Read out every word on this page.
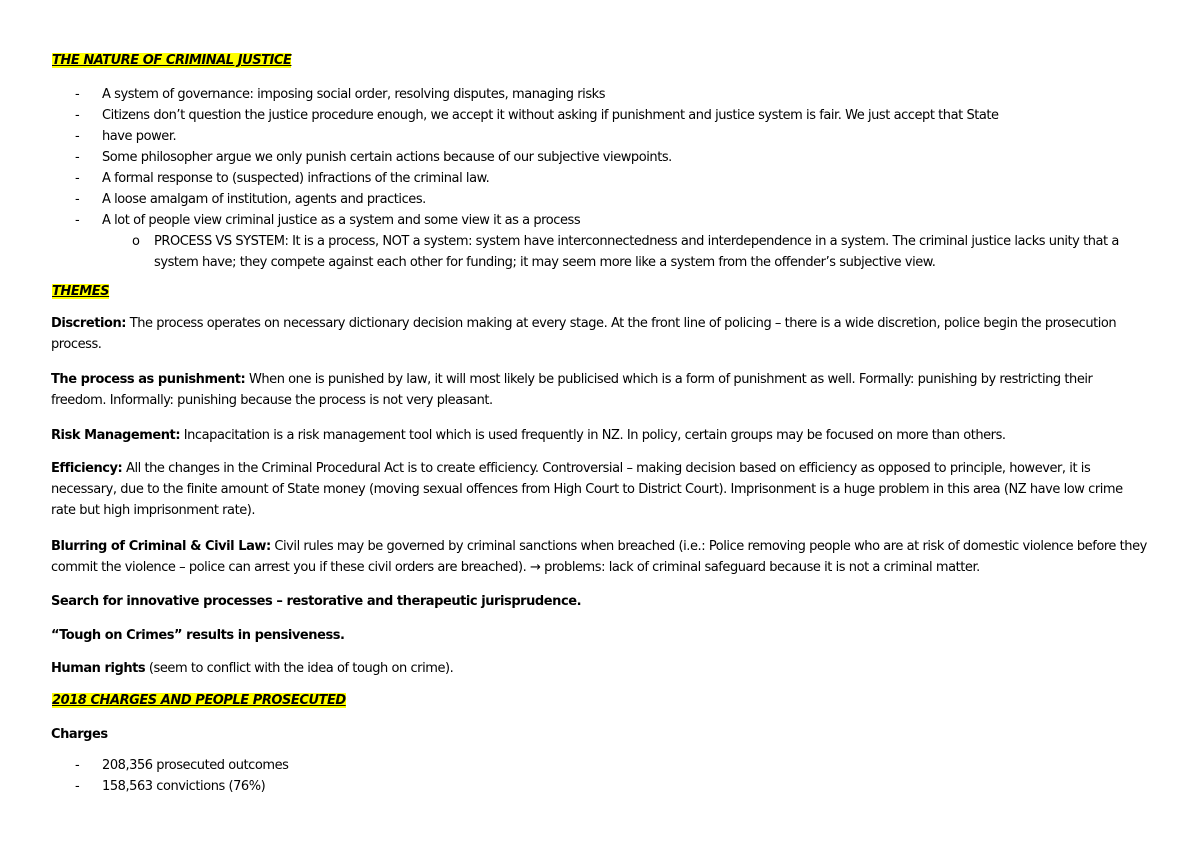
THE NATURE OF CRIMINAL JUSTICE
- A system of governance: imposing social order, resolving disputes, managing risks
- Citizens don’t question the justice procedure enough, we accept it without asking if punishment and justice system is fair. We just accept that State
- have power.
- Some philosopher argue we only punish certain actions because of our subjective viewpoints.
- A formal response to (suspected) infractions of the criminal law.
- A loose amalgam of institution, agents and practices.
- A lot of people view criminal justice as a system and some view it as a process
o PROCESS VS SYSTEM: It is a process, NOT a system: system have interconnectedness and interdependence in a system. The criminal justice lacks unity that a system have; they compete against each other for funding; it may seem more like a system from the offender’s subjective view.
THEMES

Discretion: The process operates on necessary dictionary decision making at every stage. At the front line of policing – there is a wide discretion, police begin the prosecution process.

The process as punishment: When one is punished by law, it will most likely be publicised which is a form of punishment as well. Formally: punishing by restricting their freedom. Informally: punishing because the process is not very pleasant.

Risk Management: Incapacitation is a risk management tool which is used frequently in NZ. In policy, certain groups may be focused on more than others.

Efficiency: All the changes in the Criminal Procedural Act is to create efficiency. Controversial – making decision based on efficiency as opposed to principle, however, it is necessary, due to the finite amount of State money (moving sexual offences from High Court to District Court). Imprisonment is a huge problem in this area (NZ have low crime rate but high imprisonment rate).

Blurring of Criminal & Civil Law: Civil rules may be governed by criminal sanctions when breached (i.e.: Police removing people who are at risk of domestic violence before they commit the violence – police can arrest you if these civil orders are breached). → problems: lack of criminal safeguard because it is not a criminal matter.

Search for innovative processes – restorative and therapeutic jurisprudence.

“Tough on Crimes” results in pensiveness.

Human rights (seem to conflict with the idea of tough on crime).

2018 CHARGES AND PEOPLE PROSECUTED

Charges

- 208,356 prosecuted outcomes
- 158,563 convictions (76%)
